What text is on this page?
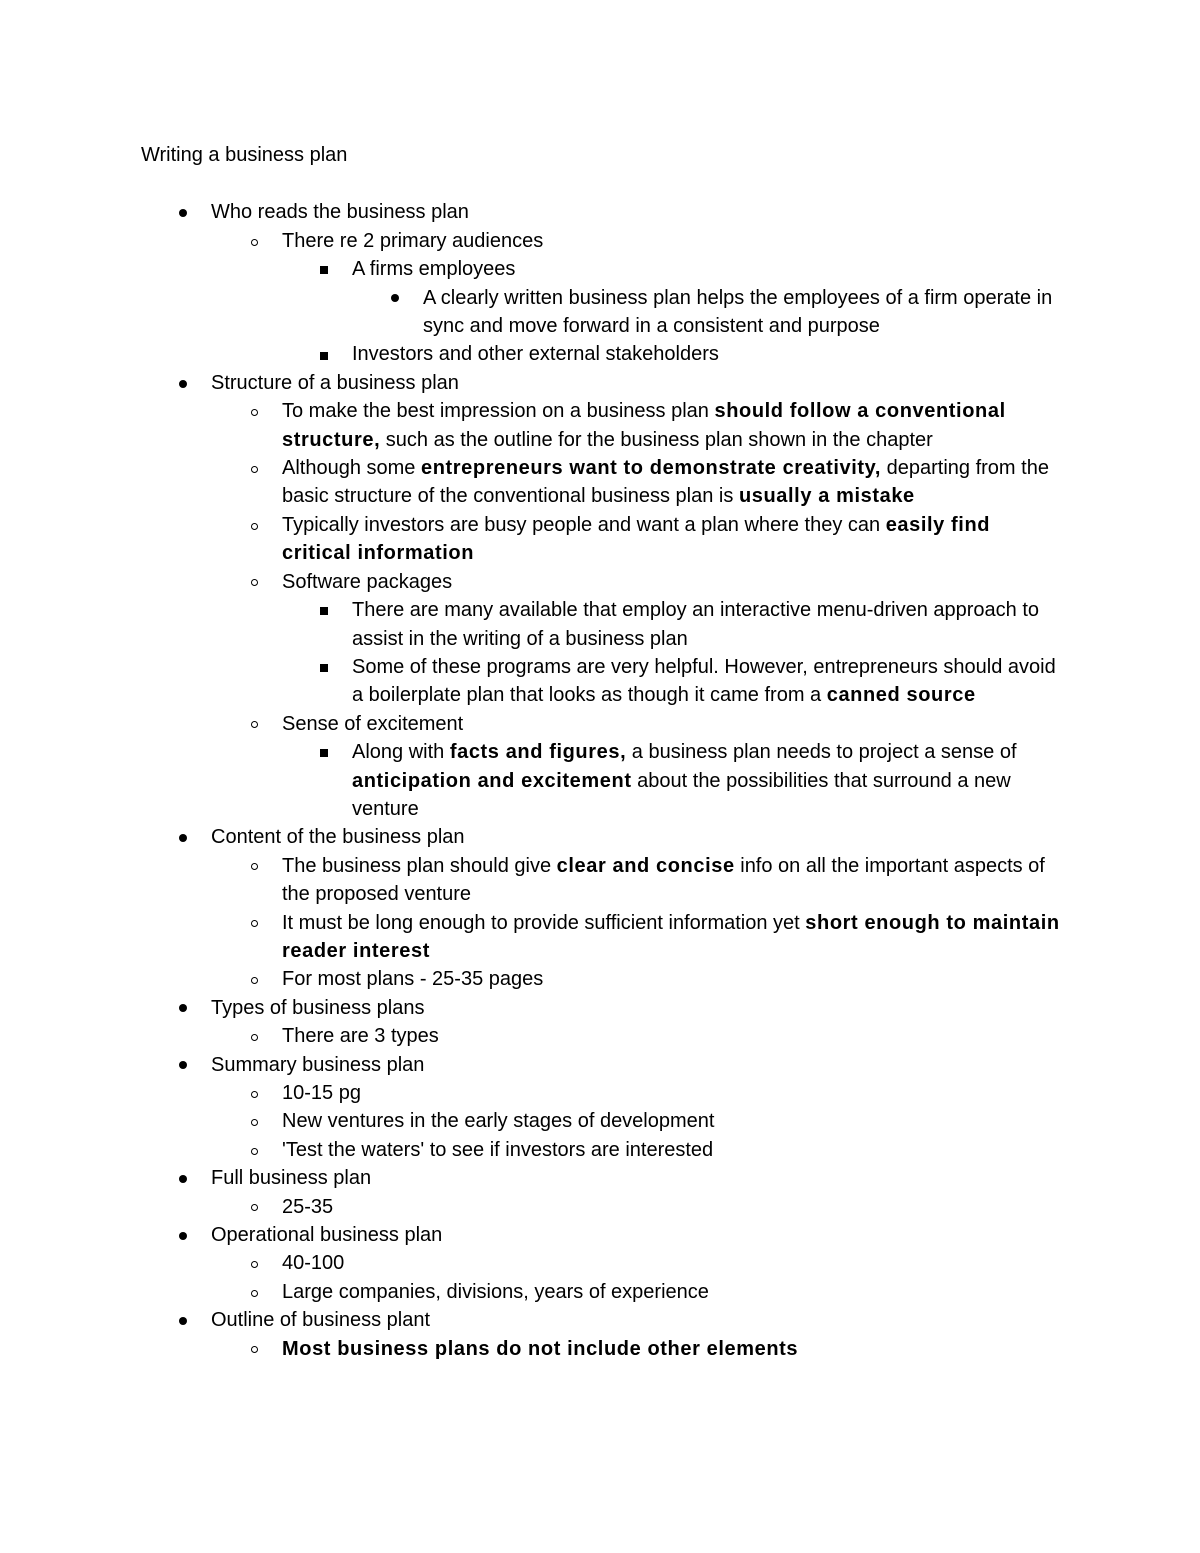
Writing a business plan

Who reads the business plan
There re 2 primary audiences
A firms employees
A clearly written business plan helps the employees of a firm operate in sync and move forward in a consistent and purpose
Investors and other external stakeholders
Structure of a business plan
To make the best impression on a business plan should follow a conventional structure, such as the outline for the business plan shown in the chapter
Although some entrepreneurs want to demonstrate creativity, departing from the basic structure of the conventional business plan is usually a mistake
Typically investors are busy people and want a plan where they can easily find critical information
Software packages
There are many available that employ an interactive menu-driven approach to assist in the writing of a business plan
Some of these programs are very helpful. However, entrepreneurs should avoid a boilerplate plan that looks as though it came from a canned source
Sense of excitement
Along with facts and figures, a business plan needs to project a sense of anticipation and excitement about the possibilities that surround a new venture
Content of the business plan
The business plan should give clear and concise info on all the important aspects of the proposed venture
It must be long enough to provide sufficient information yet short enough to maintain reader interest
For most plans - 25-35 pages
Types of business plans
There are 3 types
Summary business plan
10-15 pg
New ventures in the early stages of development
'Test the waters' to see if investors are interested
Full business plan
25-35
Operational business plan
40-100
Large companies, divisions, years of experience
Outline of business plant
Most business plans do not include other elements
